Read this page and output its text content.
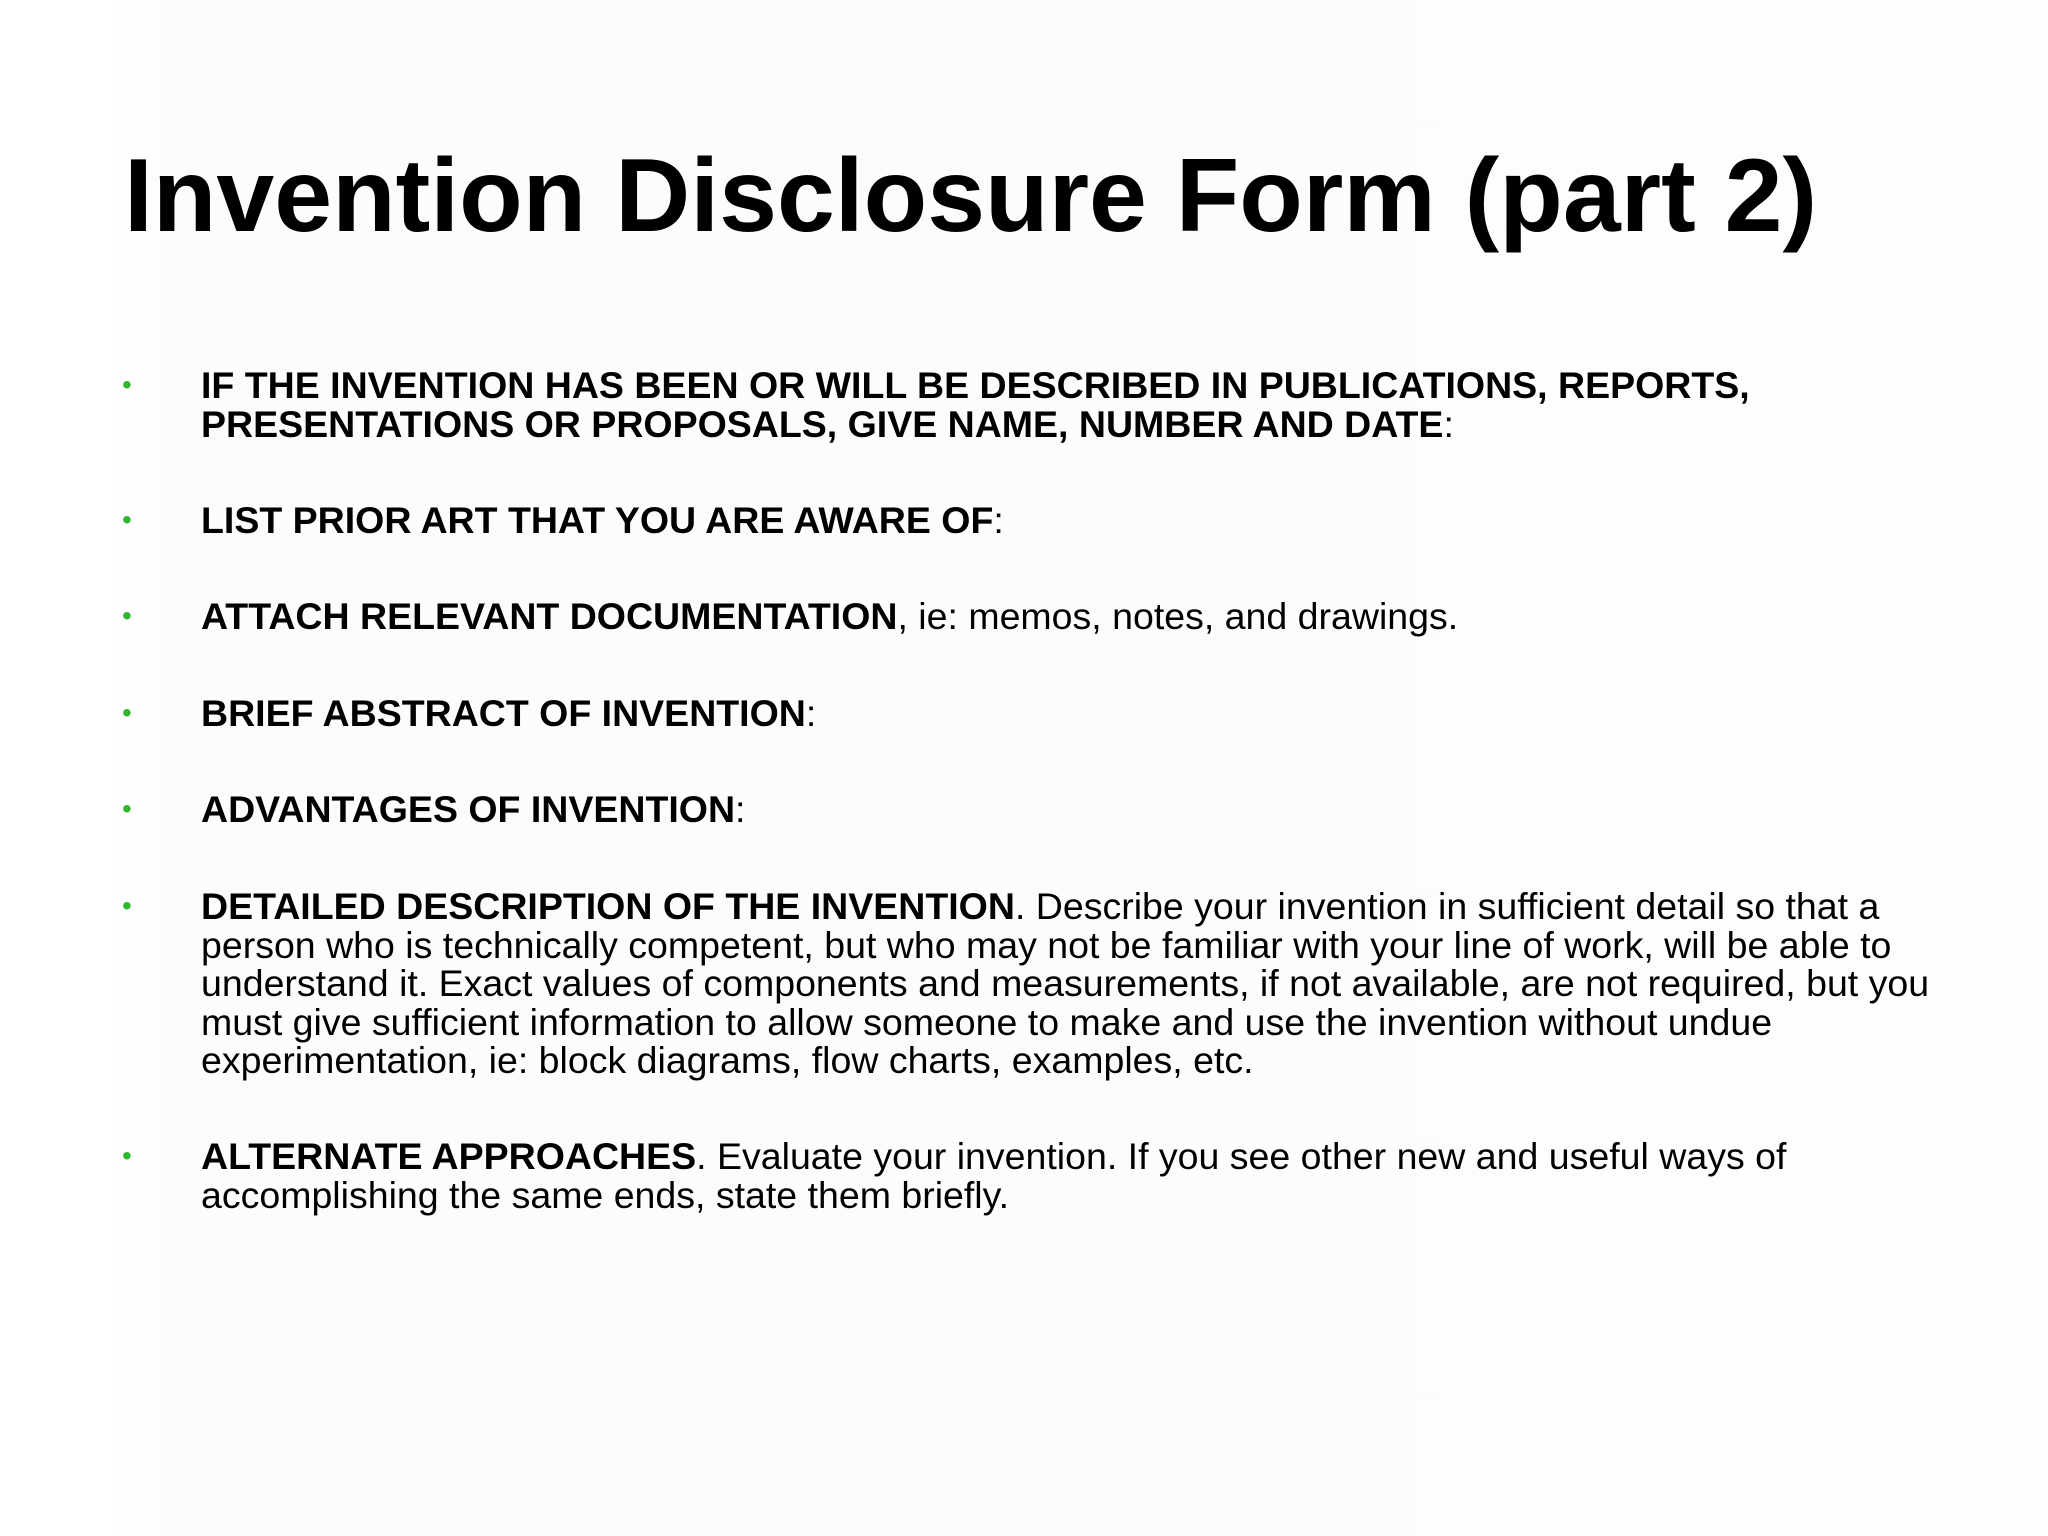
Invention Disclosure Form (part 2)
• IF THE INVENTION HAS BEEN OR WILL BE DESCRIBED IN PUBLICATIONS, REPORTS, PRESENTATIONS OR PROPOSALS, GIVE NAME, NUMBER AND DATE:
• LIST PRIOR ART THAT YOU ARE AWARE OF:
• ATTACH RELEVANT DOCUMENTATION, ie: memos, notes, and drawings.
• BRIEF ABSTRACT OF INVENTION:
• ADVANTAGES OF INVENTION:
• DETAILED DESCRIPTION OF THE INVENTION. Describe your invention in sufficient detail so that a person who is technically competent, but who may not be familiar with your line of work, will be able to understand it. Exact values of components and measurements, if not available, are not required, but you must give sufficient information to allow someone to make and use the invention without undue experimentation, ie: block diagrams, flow charts, examples, etc.
• ALTERNATE APPROACHES. Evaluate your invention. If you see other new and useful ways of accomplishing the same ends, state them briefly.
